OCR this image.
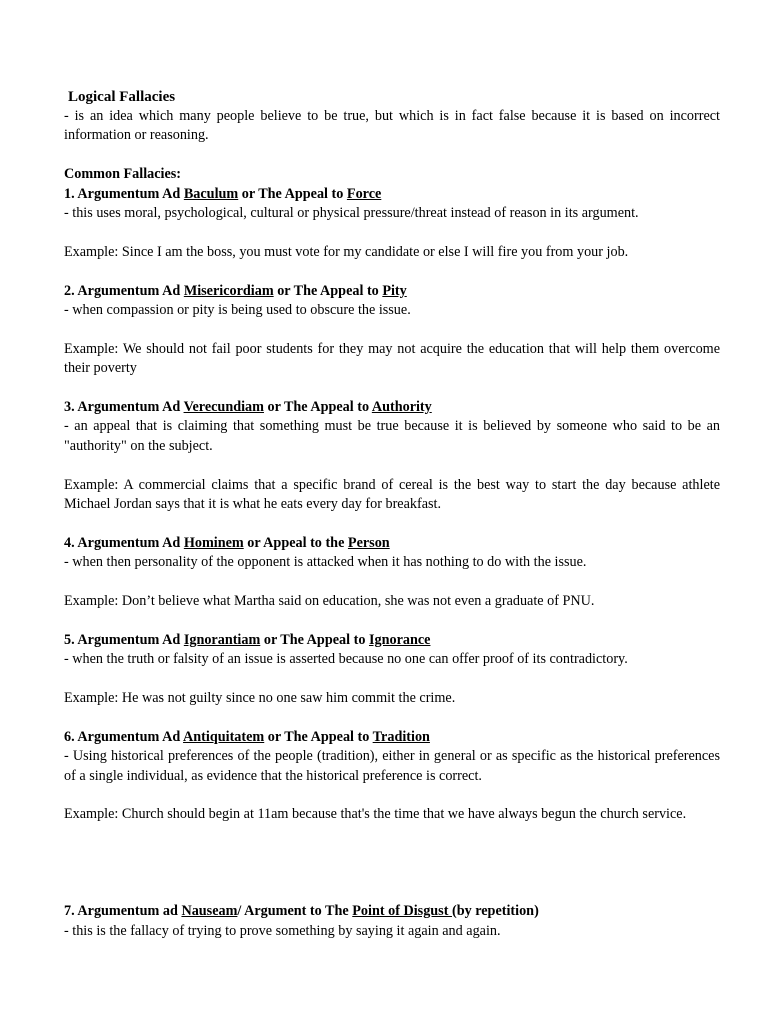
Logical Fallacies

- is an idea which many people believe to be true, but which is in fact false because it is based on incorrect information or reasoning.

Common Fallacies:

1. Argumentum Ad Baculum or The Appeal to Force

- this uses moral, psychological, cultural or physical pressure/threat instead of reason in its argument.

Example: Since I am the boss, you must vote for my candidate or else I will fire you from your job.

2. Argumentum Ad Misericordiam or The Appeal to Pity

- when compassion or pity is being used to obscure the issue.

Example: We should not fail poor students for they may not acquire the education that will help them overcome their poverty

3. Argumentum Ad Verecundiam or The Appeal to Authority

- an appeal that is claiming that something must be true because it is believed by someone who said to be an "authority" on the subject.

Example: A commercial claims that a specific brand of cereal is the best way to start the day because athlete Michael Jordan says that it is what he eats every day for breakfast.

4. Argumentum Ad Hominem or Appeal to the Person

- when then personality of the opponent is attacked when it has nothing to do with the issue.

Example: Don’t believe what Martha said on education, she was not even a graduate of PNU.

5. Argumentum Ad Ignorantiam or The Appeal to Ignorance

- when the truth or falsity of an issue is asserted because no one can offer proof of its contradictory.

Example: He was not guilty since no one saw him commit the crime.

6. Argumentum Ad Antiquitatem or The Appeal to Tradition

- Using historical preferences of the people (tradition), either in general or as specific as the historical preferences of a single individual, as evidence that the historical preference is correct.

Example: Church should begin at 11am because that's the time that we have always begun the church service.

7. Argumentum ad Nauseam/ Argument to The Point of Disgust (by repetition)

- this is the fallacy of trying to prove something by saying it again and again.
